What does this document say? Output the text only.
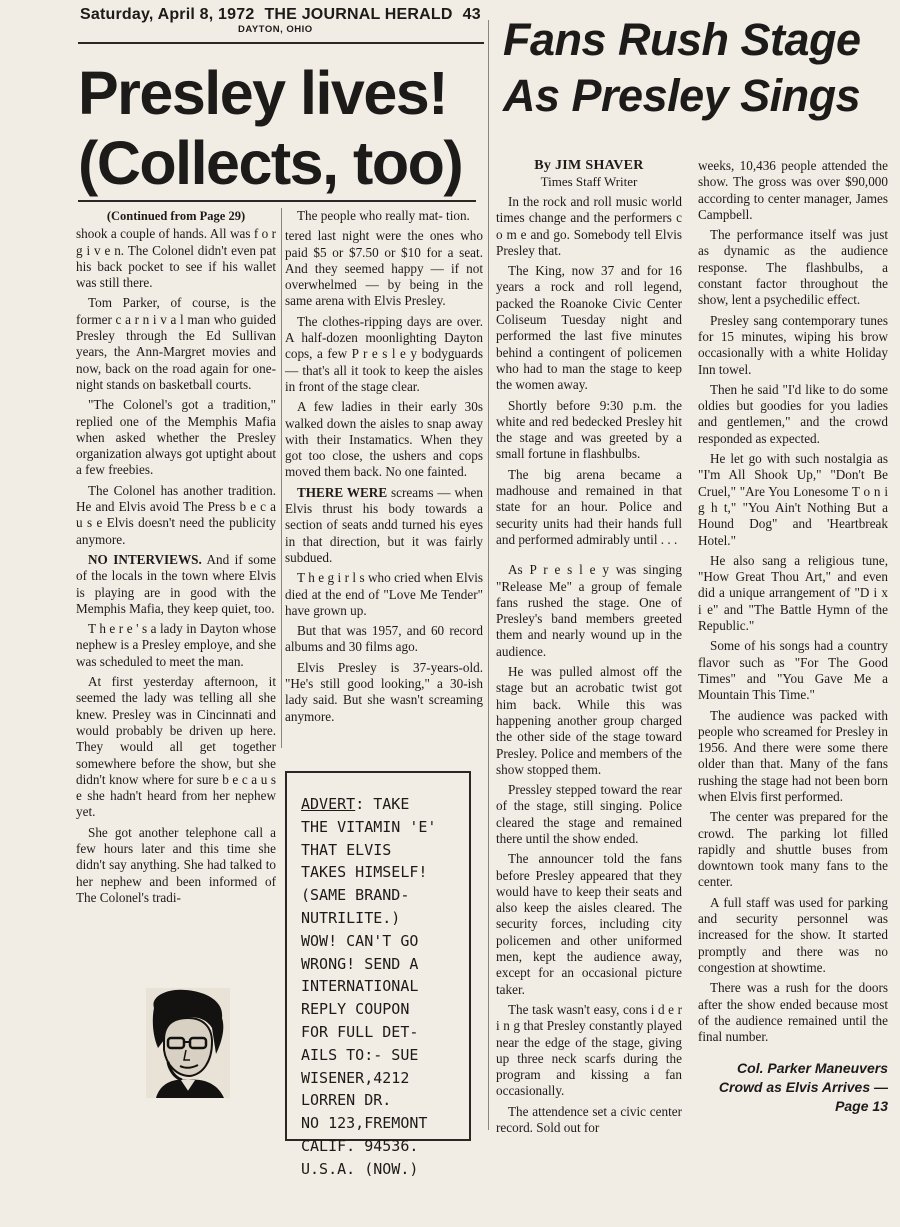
Saturday, April 8, 1972 THE JOURNAL HERALD 43
DAYTON, OHIO
Presley lives!
(Collects, too)
Fans Rush Stage
As Presley Sings
(Continued from Page 29)

shook a couple of hands. All was f o r g i v e n. The Colonel didn't even pat his back pocket to see if his wallet was still there.

Tom Parker, of course, is the former c a r n i v a l man who guided Presley through the Ed Sullivan years, the Ann-Margret movies and now, back on the road again for one-night stands on basketball courts.

"The Colonel's got a tradition," replied one of the Memphis Mafia when asked whether the Presley organization always got uptight about a few freebies.

The Colonel has another tradition. He and Elvis avoid The Press b e c a u s e Elvis doesn't need the publicity anymore.

NO INTERVIEWS. And if some of the locals in the town where Elvis is playing are in good with the Memphis Mafia, they keep quiet, too.

T h e r e ' s a lady in Dayton whose nephew is a Presley employe, and she was scheduled to meet the man.

At first yesterday afternoon, it seemed the lady was telling all she knew. Presley was in Cincinnati and would probably be driven up here. They would all get together somewhere before the show, but she didn't know where for sure b e c a u s e she hadn't heard from her nephew yet.

She got another telephone call a few hours later and this time she didn't say anything. She had talked to her nephew and been informed of The Colonel's tradi-

The people who really mat- tion.

tered last night were the ones who paid $5 or $7.50 or $10 for a seat. And they seemed happy — if not overwhelmed — by being in the same arena with Elvis Presley.

The clothes-ripping days are over. A half-dozen moonlighting Dayton cops, a few P r e s l e y bodyguards — that's all it took to keep the aisles in front of the stage clear.

A few ladies in their early 30s walked down the aisles to snap away with their Instamatics. When they got too close, the ushers and cops moved them back. No one fainted.

THERE WERE screams — when Elvis thrust his body towards a section of seats andd turned his eyes in that direction, but it was fairly subdued.

T h e g i r l s who cried when Elvis died at the end of "Love Me Tender" have grown up.

But that was 1957, and 60 record albums and 30 films ago.

Elvis Presley is 37-years-old. "He's still good looking," a 30-ish lady said. But she wasn't screaming anymore.

ADVERT: TAKE
THE VITAMIN 'E'
THAT ELVIS
TAKES HIMSELF!
(SAME BRAND-
NUTRILITE.)
WOW! CAN'T GO
WRONG! SEND A
INTERNATIONAL
REPLY COUPON
FOR FULL DET-
AILS TO:- SUE
WISENER,4212
LORREN DR.
NO 123,FREMONT
CALIF. 94536.
U.S.A. (NOW.)
By JIM SHAVER
Times Staff Writer

In the rock and roll music world times change and the performers c o m e and go. Somebody tell Elvis Presley that.

The King, now 37 and for 16 years a rock and roll legend, packed the Roanoke Civic Center Coliseum Tuesday night and performed the last five minutes behind a contingent of policemen who had to man the stage to keep the women away.

Shortly before 9:30 p.m. the white and red bedecked Presley hit the stage and was greeted by a small fortune in flashbulbs.

The big arena became a madhouse and remained in that state for an hour. Police and security units had their hands full and performed admirably until . . .

As P r e s l e y was singing "Release Me" a group of female fans rushed the stage. One of Presley's band members greeted them and nearly wound up in the audience.

He was pulled almost off the stage but an acrobatic twist got him back. While this was happening another group charged the other side of the stage toward Presley. Police and members of the show stopped them.

Pressley stepped toward the rear of the stage, still singing. Police cleared the stage and remained there until the show ended.

The announcer told the fans before Presley appeared that they would have to keep their seats and also keep the aisles cleared. The security forces, including city policemen and other uniformed men, kept the audience away, except for an occasional picture taker.

The task wasn't easy, cons i d e r i n g that Presley constantly played near the edge of the stage, giving up three neck scarfs during the program and kissing a fan occasionally.

The attendence set a civic center record. Sold out for

weeks, 10,436 people attended the show. The gross was over $90,000 according to center manager, James Campbell.

The performance itself was just as dynamic as the audience response. The flashbulbs, a constant factor throughout the show, lent a psychedilic effect.

Presley sang contemporary tunes for 15 minutes, wiping his brow occasionally with a white Holiday Inn towel.

Then he said "I'd like to do some oldies but goodies for you ladies and gentlemen," and the crowd responded as expected.

He let go with such nostalgia as "I'm All Shook Up," "Don't Be Cruel," "Are You Lonesome T o n i g h t," "You Ain't Nothing But a Hound Dog" and 'Heartbreak Hotel."

He also sang a religious tune, "How Great Thou Art," and even did a unique arrangement of "D i x i e" and "The Battle Hymn of the Republic."

Some of his songs had a country flavor such as "For The Good Times" and "You Gave Me a Mountain This Time."

The audience was packed with people who screamed for Presley in 1956. And there were some there older than that. Many of the fans rushing the stage had not been born when Elvis first performed.

The center was prepared for the crowd. The parking lot filled rapidly and shuttle buses from downtown took many fans to the center.

A full staff was used for parking and security personnel was increased for the show. It started promptly and there was no congestion at showtime.

There was a rush for the doors after the show ended because most of the audience remained until the final number.

Col. Parker Maneuvers
Crowd as Elvis Arrives —
Page 13
